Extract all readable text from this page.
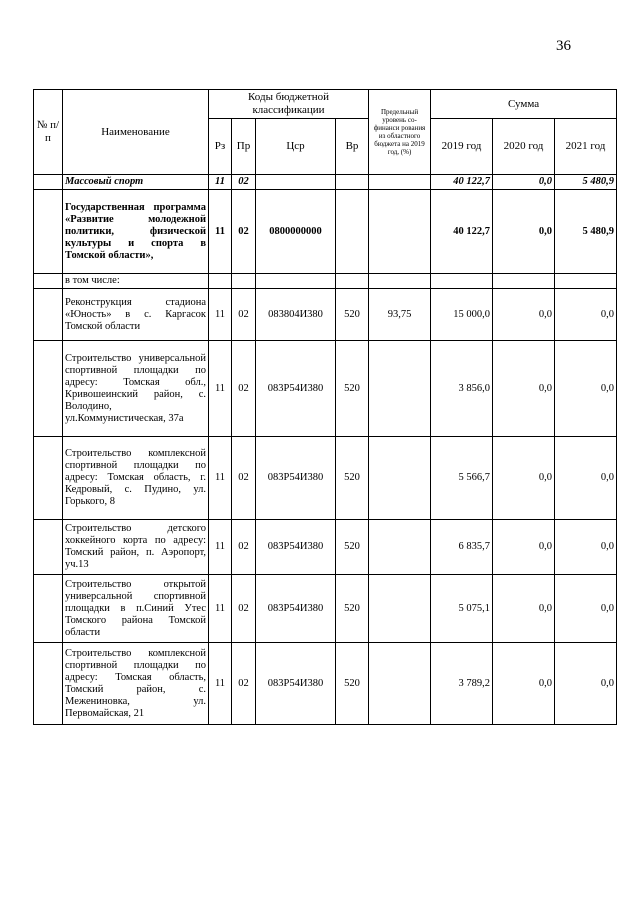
36
№ п/п	Наименование	Коды бюджетной классификации				Предельный уровень со-финанси рования из областного бюджета на 2019 год, (%)	Сумма		
		Рз	Пр	Цср	Вр		2019 год	2020 год	2021 год
	Массовый спорт	11	02				40 122,7	0,0	5 480,9
	Государственная программа «Развитие молодежной политики, физической культуры и спорта в Томской области»,	11	02	0800000000			40 122,7	0,0	5 480,9
	в том числе:								
	Реконструкция стадиона «Юность» в с. Каргасок Томской области	11	02	083804И380	520	93,75	15 000,0	0,0	0,0
	Строительство универсальной спортивной площадки по адресу: Томская обл., Кривошеинский район, с. Володино, ул.Коммунистическая, 37а	11	02	083P54И380	520		3 856,0	0,0	0,0
	Строительство комплексной спортивной площадки по адресу: Томская область, г. Кедровый, с. Пудино, ул. Горького, 8	11	02	083P54И380	520		5 566,7	0,0	0,0
	Строительство детского хоккейного корта по адресу: Томский район, п. Аэропорт, уч.13	11	02	083P54И380	520		6 835,7	0,0	0,0
	Строительство открытой универсальной спортивной площадки в п.Синий Утес Томского района Томской области	11	02	083P54И380	520		5 075,1	0,0	0,0
	Строительство комплексной спортивной площадки по адресу: Томская область, Томский район, с. Межениновка, ул. Первомайская, 21	11	02	083P54И380	520		3 789,2	0,0	0,0
